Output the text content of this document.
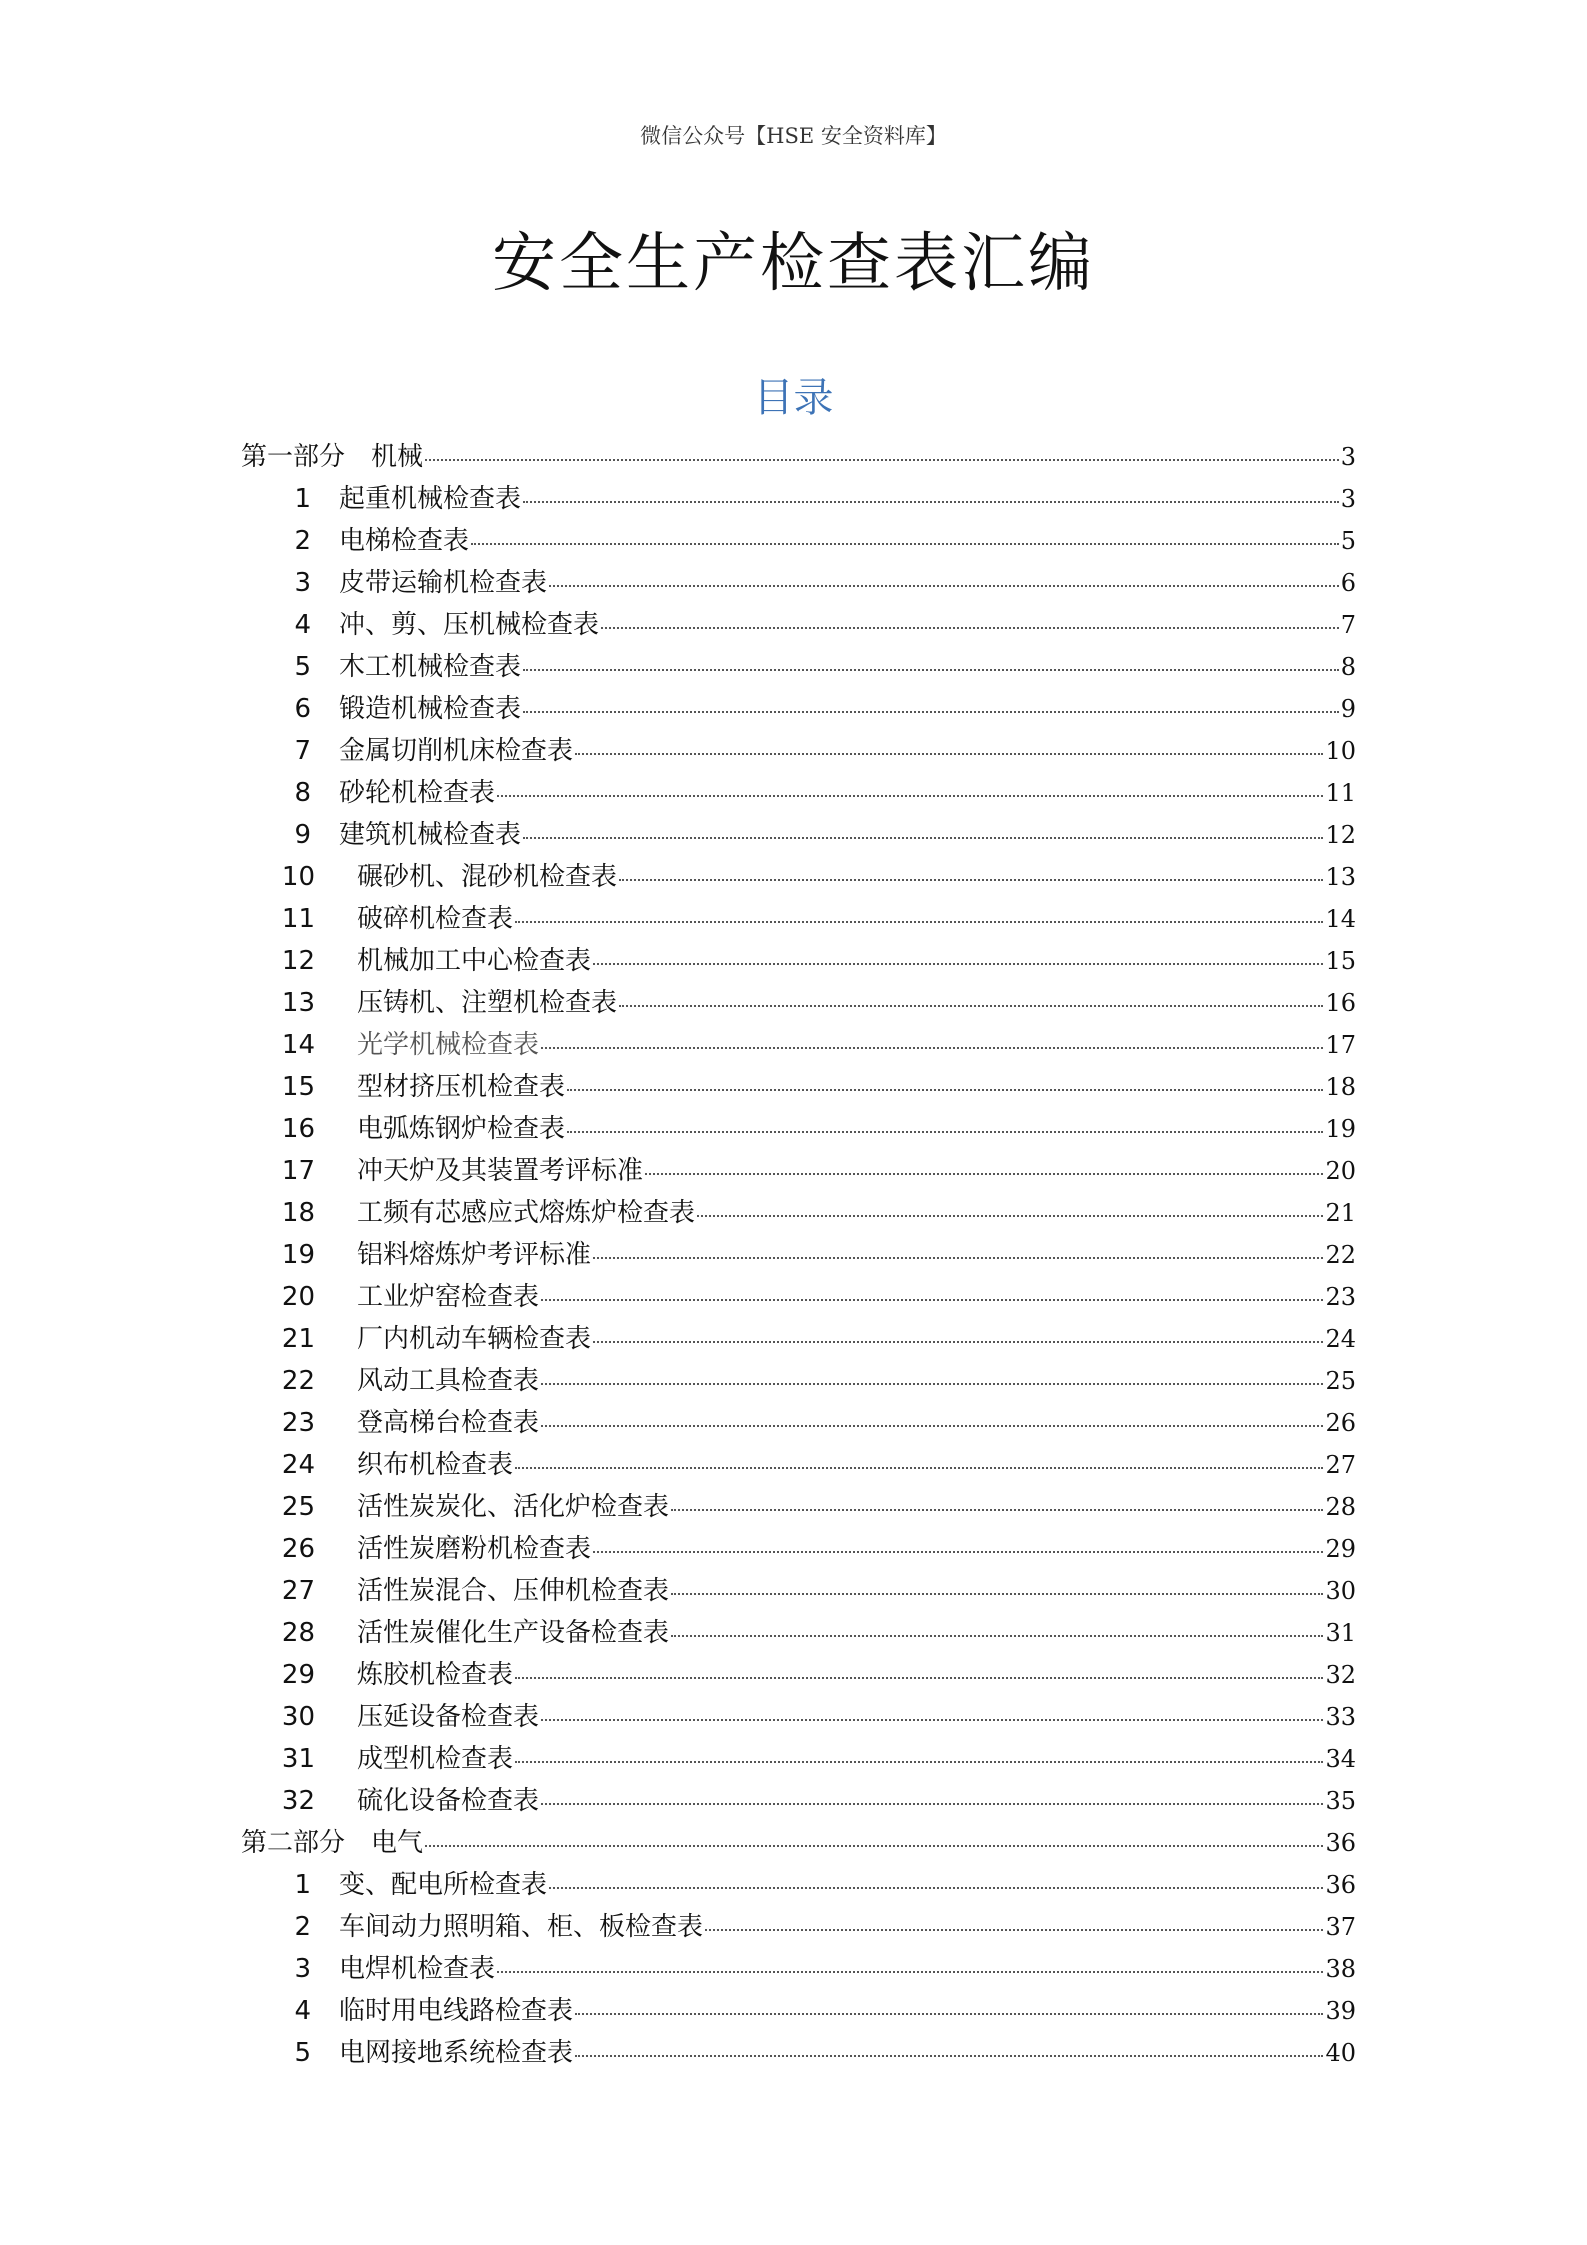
微信公众号【HSE 安全资料库】
安全生产检查表汇编
目录
第一部分　机械	3
1 起重机械检查表	3
2 电梯检查表	5
3 皮带运输机检查表	6
4 冲、剪、压机械检查表	7
5 木工机械检查表	8
6 锻造机械检查表	9
7 金属切削机床检查表	10
8 砂轮机检查表	11
9 建筑机械检查表	12
10 碾砂机、混砂机检查表	13
11 破碎机检查表	14
12 机械加工中心检查表	15
13 压铸机、注塑机检查表	16
14 光学机械检查表	17
15 型材挤压机检查表	18
16 电弧炼钢炉检查表	19
17 冲天炉及其装置考评标准	20
18 工频有芯感应式熔炼炉检查表	21
19 铝料熔炼炉考评标准	22
20 工业炉窑检查表	23
21 厂内机动车辆检查表	24
22 风动工具检查表	25
23 登高梯台检查表	26
24 织布机检查表	27
25 活性炭炭化、活化炉检查表	28
26 活性炭磨粉机检查表	29
27 活性炭混合、压伸机检查表	30
28 活性炭催化生产设备检查表	31
29 炼胶机检查表	32
30 压延设备检查表	33
31 成型机检查表	34
32 硫化设备检查表	35
第二部分　电气	36
1 变、配电所检查表	36
2 车间动力照明箱、柜、板检查表	37
3 电焊机检查表	38
4 临时用电线路检查表	39
5 电网接地系统检查表	40
